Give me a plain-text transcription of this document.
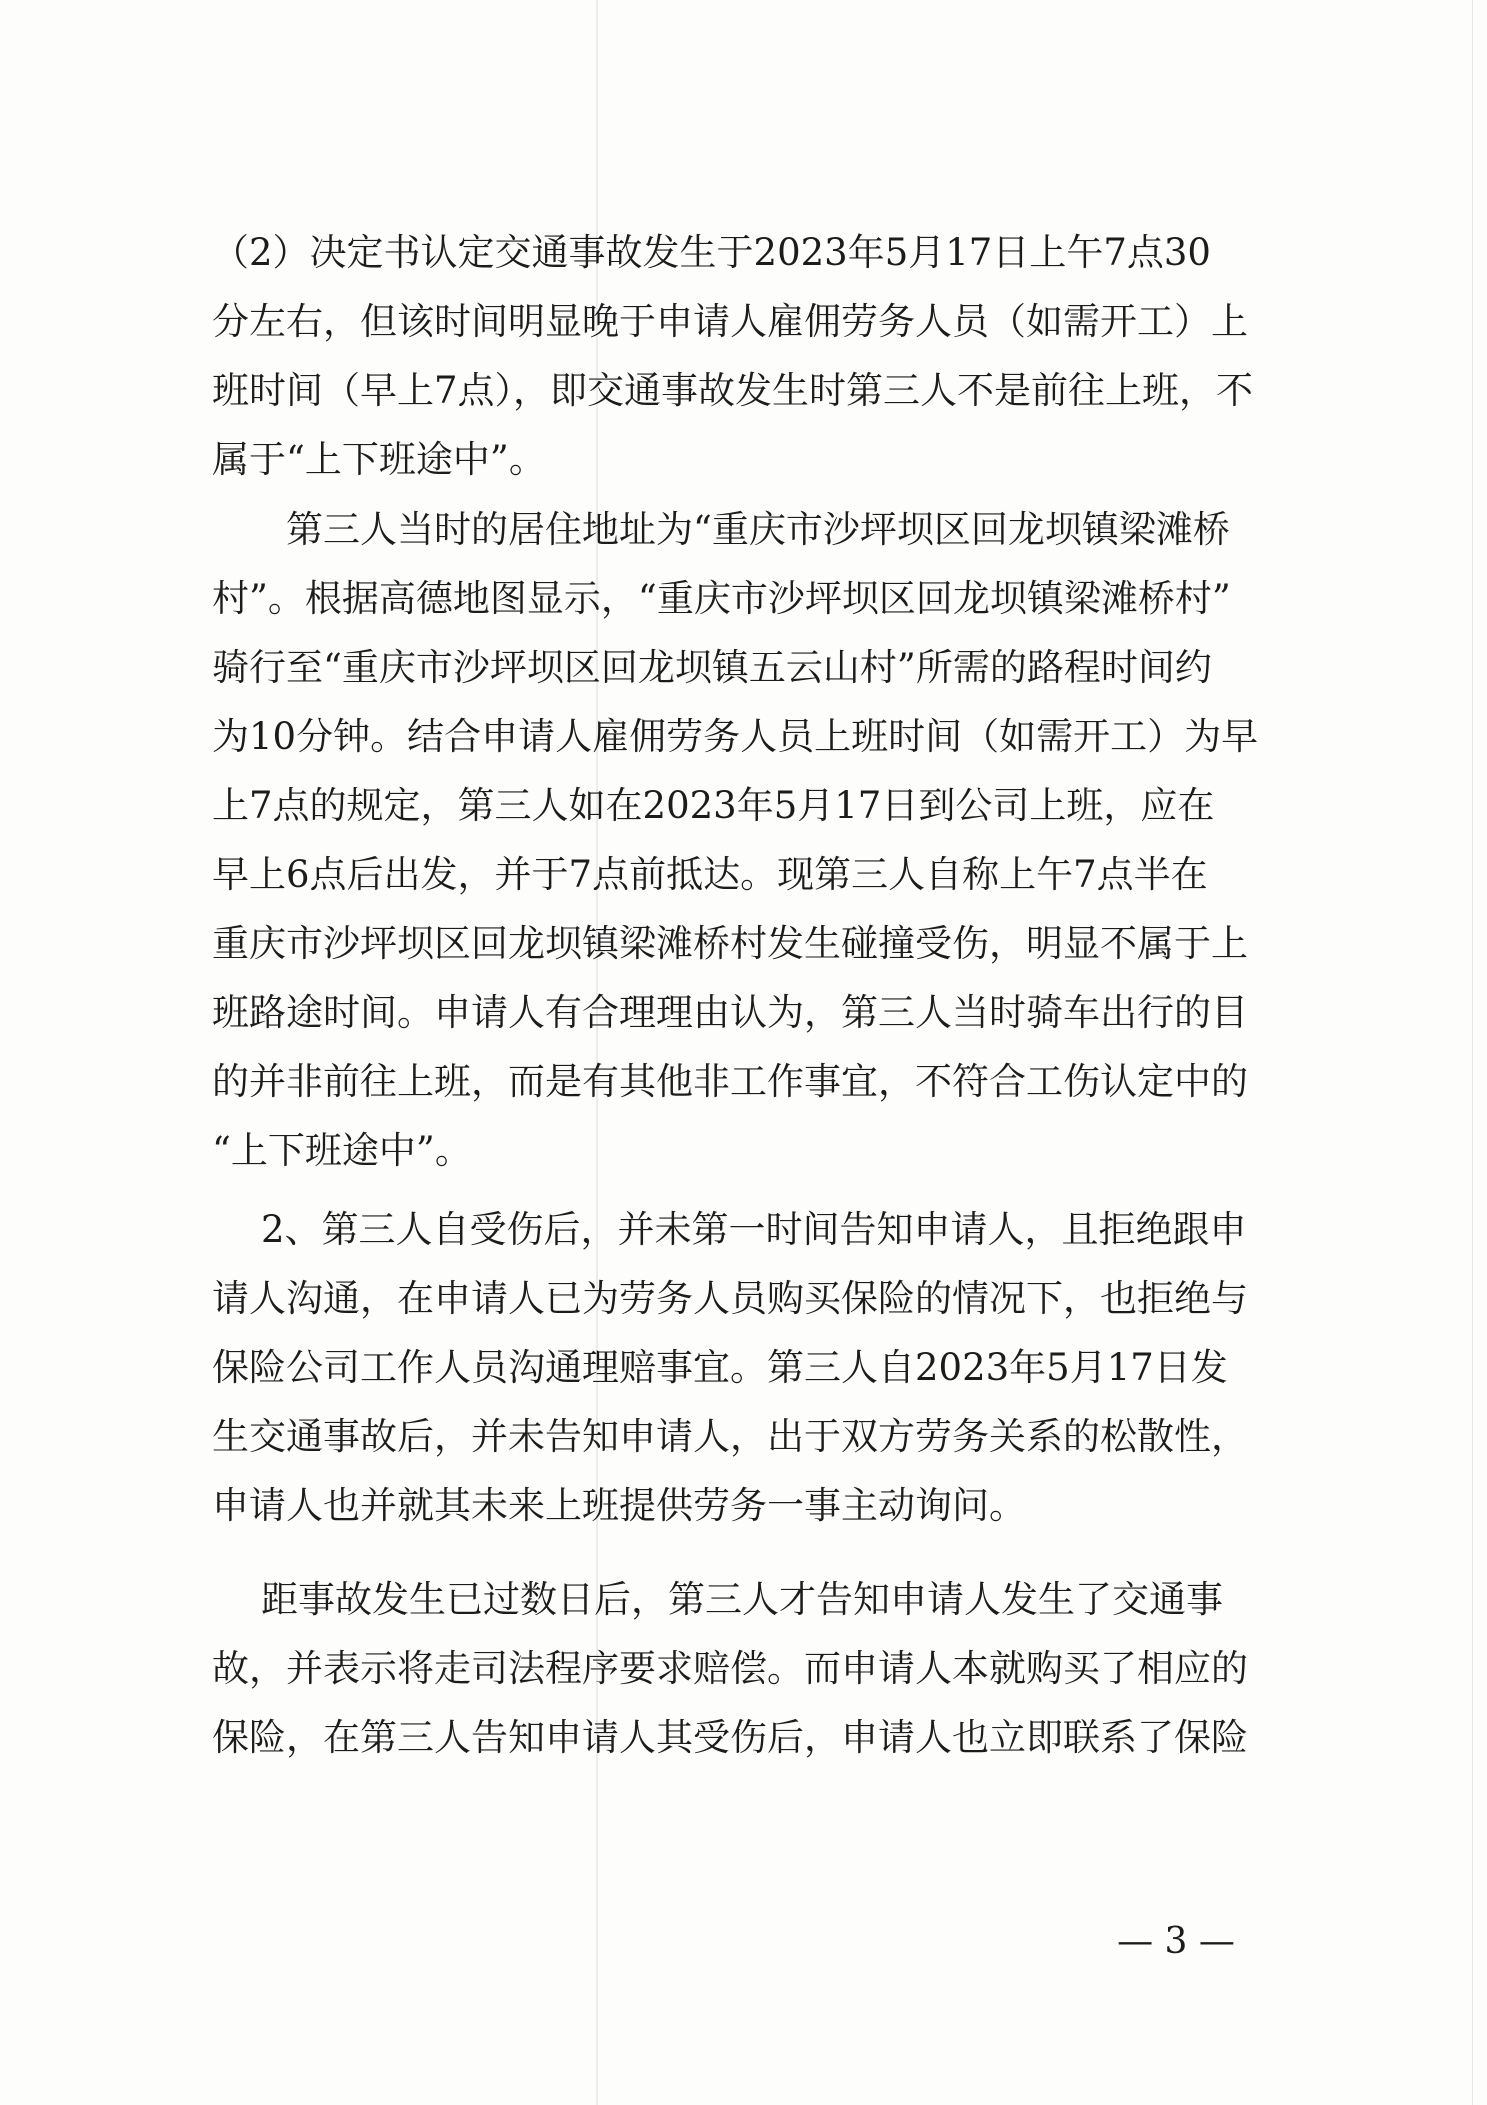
（2）决定书认定交通事故发生于2023年5月17日上午7点30
分左右，但该时间明显晚于申请人雇佣劳务人员（如需开工）上
班时间（早上7点），即交通事故发生时第三人不是前往上班，不
属于“上下班途中”。
第三人当时的居住地址为“重庆市沙坪坝区回龙坝镇梁滩桥
村”。根据高德地图显示，“重庆市沙坪坝区回龙坝镇梁滩桥村”
骑行至“重庆市沙坪坝区回龙坝镇五云山村”所需的路程时间约
为10分钟。结合申请人雇佣劳务人员上班时间（如需开工）为早
上7点的规定，第三人如在2023年5月17日到公司上班，应在
早上6点后出发，并于7点前抵达。现第三人自称上午7点半在
重庆市沙坪坝区回龙坝镇梁滩桥村发生碰撞受伤，明显不属于上
班路途时间。申请人有合理理由认为，第三人当时骑车出行的目
的并非前往上班，而是有其他非工作事宜，不符合工伤认定中的
“上下班途中”。
2、第三人自受伤后，并未第一时间告知申请人，且拒绝跟申
请人沟通，在申请人已为劳务人员购买保险的情况下，也拒绝与
保险公司工作人员沟通理赔事宜。第三人自2023年5月17日发
生交通事故后，并未告知申请人，出于双方劳务关系的松散性，
申请人也并就其未来上班提供劳务一事主动询问。
距事故发生已过数日后，第三人才告知申请人发生了交通事
故，并表示将走司法程序要求赔偿。而申请人本就购买了相应的
保险，在第三人告知申请人其受伤后，申请人也立即联系了保险
— 3 —
